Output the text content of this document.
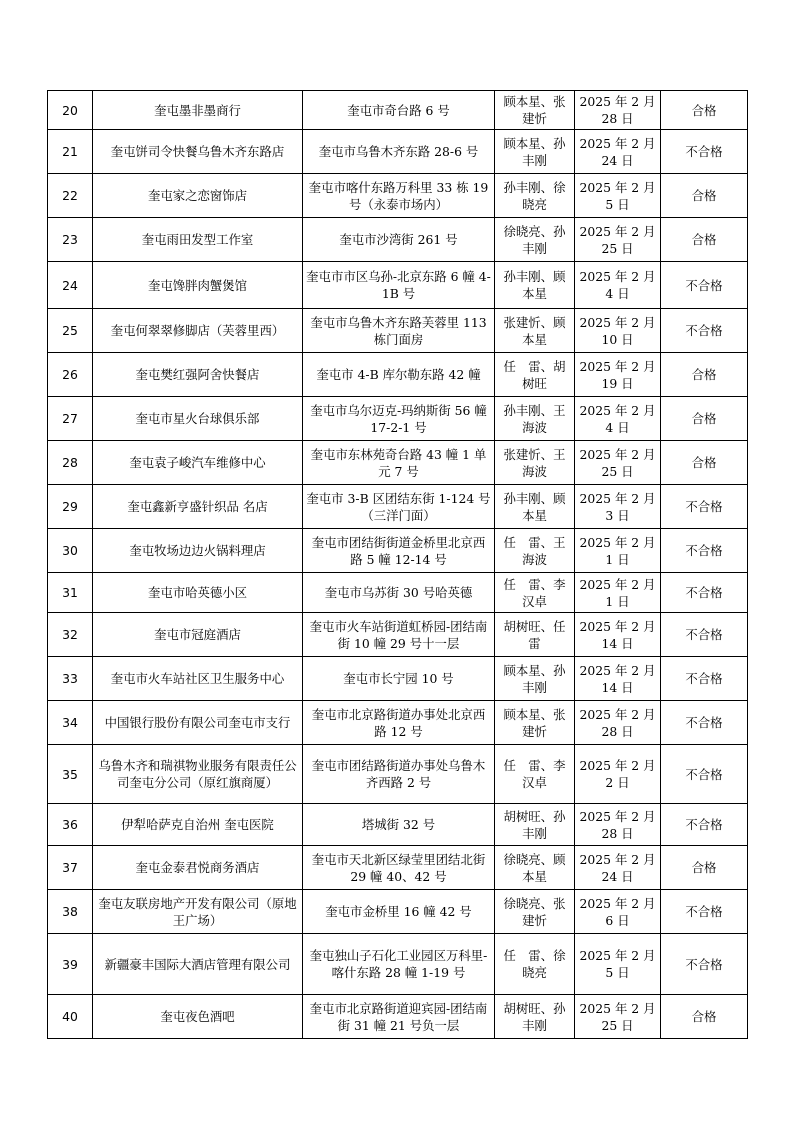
20	奎屯墨非墨商行	奎屯市奇台路 6 号	顾本星、张建忻	2025 年 2 月 28 日	合格
21	奎屯饼司令快餐乌鲁木齐东路店	奎屯市乌鲁木齐东路 28-6 号	顾本星、孙丰刚	2025 年 2 月 24 日	不合格
22	奎屯家之恋窗饰店	奎屯市喀什东路万科里 33 栋 19 号（永泰市场内）	孙丰刚、徐晓亮	2025 年 2 月 5 日	合格
23	奎屯雨田发型工作室	奎屯市沙湾街 261 号	徐晓亮、孙丰刚	2025 年 2 月 25 日	合格
24	奎屯馋胖肉蟹煲馆	奎屯市市区乌孙-北京东路 6 幢 4-1B 号	孙丰刚、顾本星	2025 年 2 月 4 日	不合格
25	奎屯何翠翠修脚店（芙蓉里西）	奎屯市乌鲁木齐东路芙蓉里 113 栋门面房	张建忻、顾本星	2025 年 2 月 10 日	不合格
26	奎屯樊红强阿舍快餐店	奎屯市 4-B 库尔勒东路 42 幢	任　雷、胡树旺	2025 年 2 月 19 日	合格
27	奎屯市星火台球俱乐部	奎屯市乌尔迈克-玛纳斯街 56 幢 17-2-1 号	孙丰刚、王海波	2025 年 2 月 4 日	合格
28	奎屯袁子峻汽车维修中心	奎屯市东林苑奇台路 43 幢 1 单元 7 号	张建忻、王海波	2025 年 2 月 25 日	合格
29	奎屯鑫新亨盛针织品 名店	奎屯市 3-B 区团结东街 1-124 号（三洋门面）	孙丰刚、顾本星	2025 年 2 月 3 日	不合格
30	奎屯牧场边边火锅料理店	奎屯市团结街街道金桥里北京西路 5 幢 12-14 号	任　雷、王海波	2025 年 2 月 1 日	不合格
31	奎屯市哈英德小区	奎屯市乌苏街 30 号哈英德	任　雷、李汉卓	2025 年 2 月 1 日	不合格
32	奎屯市冠庭酒店	奎屯市火车站街道虹桥园-团结南街 10 幢 29 号十一层	胡树旺、任　雷	2025 年 2 月 14 日	不合格
33	奎屯市火车站社区卫生服务中心	奎屯市长宁园 10 号	顾本星、孙丰刚	2025 年 2 月 14 日	不合格
34	中国银行股份有限公司奎屯市支行	奎屯市北京路街道办事处北京西路 12 号	顾本星、张建忻	2025 年 2 月 28 日	不合格
35	乌鲁木齐和瑞祺物业服务有限责任公司奎屯分公司（原红旗商厦）	奎屯市团结路街道办事处乌鲁木齐西路 2 号	任　雷、李汉卓	2025 年 2 月 2 日	不合格
36	伊犁哈萨克自治州 奎屯医院	塔城街 32 号	胡树旺、孙丰刚	2025 年 2 月 28 日	不合格
37	奎屯金泰君悦商务酒店	奎屯市天北新区绿莹里团结北街 29 幢 40、42 号	徐晓亮、顾本星	2025 年 2 月 24 日	合格
38	奎屯友联房地产开发有限公司（原地王广场）	奎屯市金桥里 16 幢 42 号	徐晓亮、张建忻	2025 年 2 月 6 日	不合格
39	新疆豪丰国际大酒店管理有限公司	奎屯独山子石化工业园区万科里-喀什东路 28 幢 1-19 号	任　雷、徐晓亮	2025 年 2 月 5 日	不合格
40	奎屯夜色酒吧	奎屯市北京路街道迎宾园-团结南街 31 幢 21 号负一层	胡树旺、孙丰刚	2025 年 2 月 25 日	合格
